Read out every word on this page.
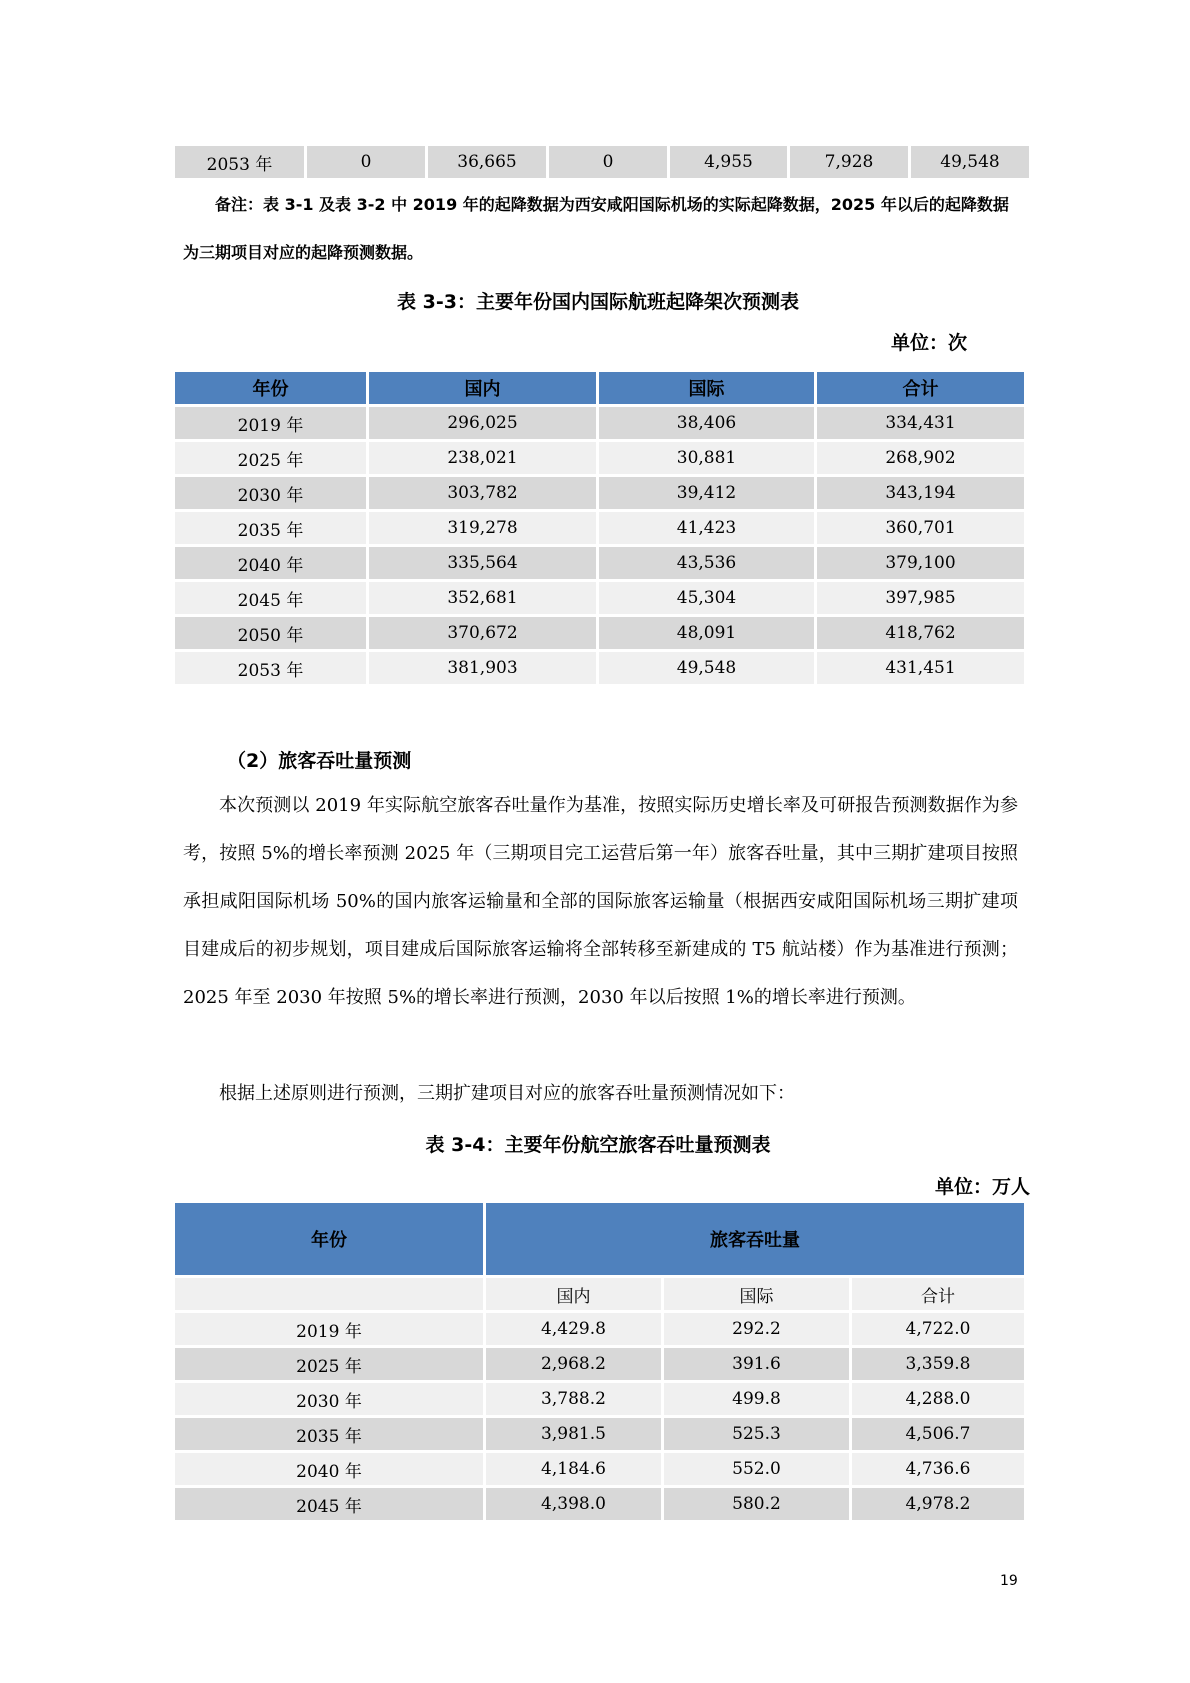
2053 年	0	36,665	0	4,955	7,928	49,548
备注：表 3-1 及表 3-2 中 2019 年的起降数据为西安咸阳国际机场的实际起降数据，2025 年以后的起降数据为三期项目对应的起降预测数据。
表 3-3：主要年份国内国际航班起降架次预测表
单位：次
年份	国内	国际	合计
2019 年	296,025	38,406	334,431
2025 年	238,021	30,881	268,902
2030 年	303,782	39,412	343,194
2035 年	319,278	41,423	360,701
2040 年	335,564	43,536	379,100
2045 年	352,681	45,304	397,985
2050 年	370,672	48,091	418,762
2053 年	381,903	49,548	431,451
（2）旅客吞吐量预测
本次预测以 2019 年实际航空旅客吞吐量作为基准，按照实际历史增长率及可研报告预测数据作为参考，按照 5%的增长率预测 2025 年（三期项目完工运营后第一年）旅客吞吐量，其中三期扩建项目按照承担咸阳国际机场 50%的国内旅客运输量和全部的国际旅客运输量（根据西安咸阳国际机场三期扩建项目建成后的初步规划，项目建成后国际旅客运输将全部转移至新建成的 T5 航站楼）作为基准进行预测；2025 年至 2030 年按照 5%的增长率进行预测，2030 年以后按照 1%的增长率进行预测。
根据上述原则进行预测，三期扩建项目对应的旅客吞吐量预测情况如下：
表 3-4：主要年份航空旅客吞吐量预测表
单位：万人
年份	旅客吞吐量		
	国内	国际	合计
2019 年	4,429.8	292.2	4,722.0
2025 年	2,968.2	391.6	3,359.8
2030 年	3,788.2	499.8	4,288.0
2035 年	3,981.5	525.3	4,506.7
2040 年	4,184.6	552.0	4,736.6
2045 年	4,398.0	580.2	4,978.2
19
